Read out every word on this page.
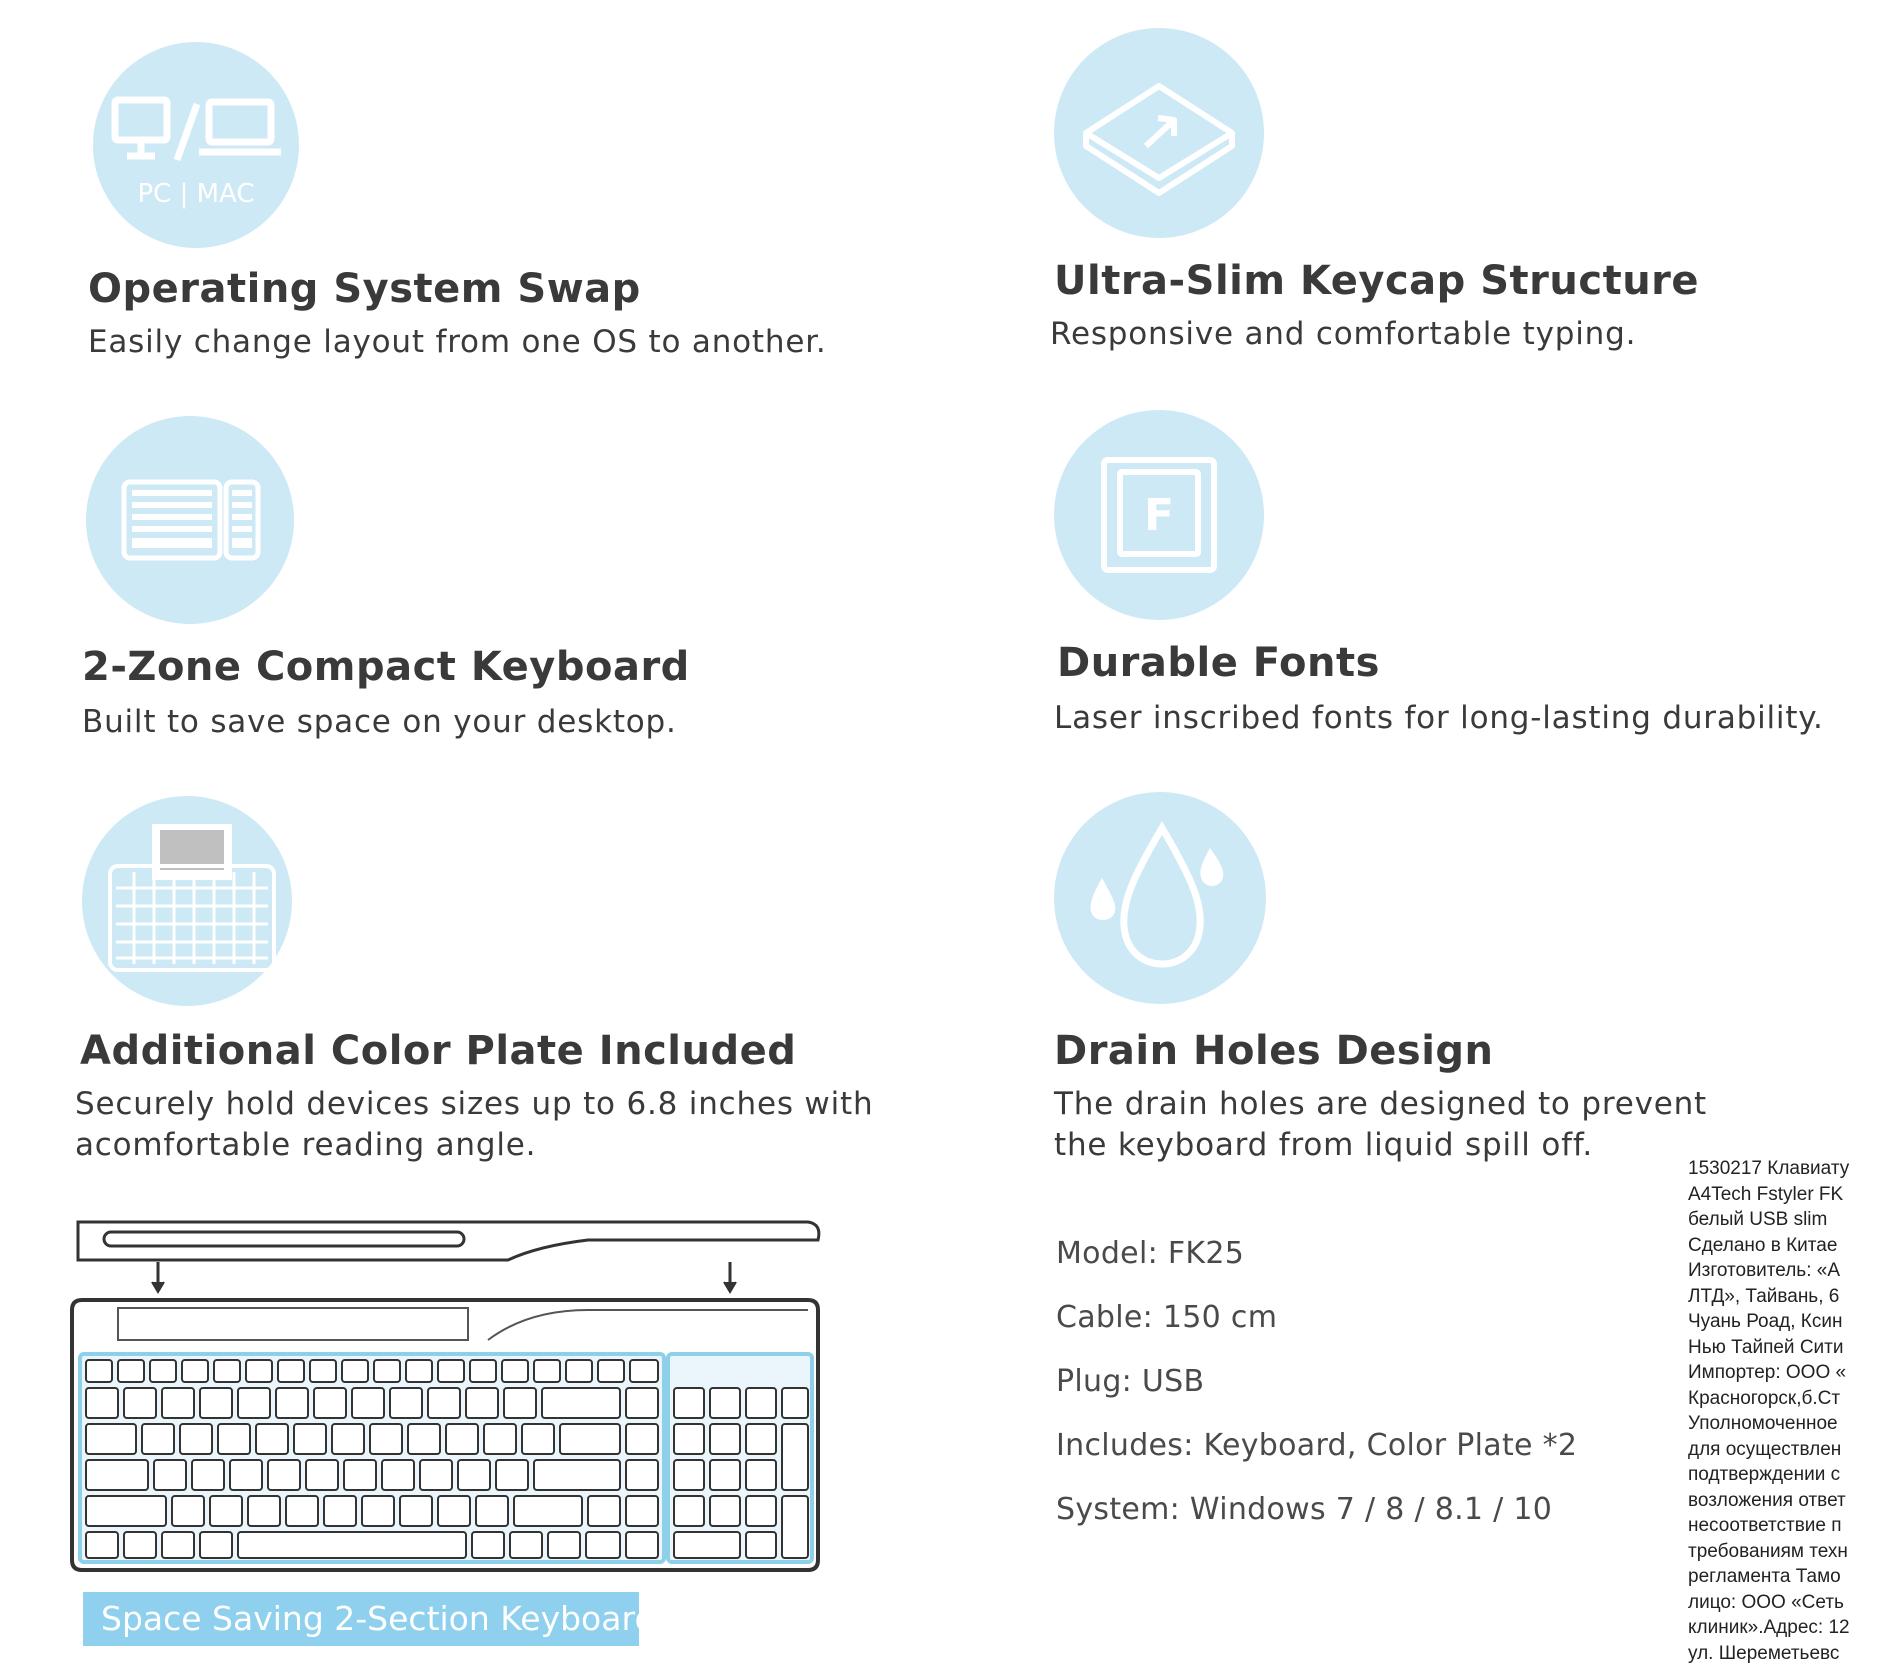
PC | MAC
Operating System Swap

Easily change layout from one OS to another.

Ultra-Slim Keycap Structure

Responsive and comfortable typing.

2-Zone Compact Keyboard

Built to save space on your desktop.

F
Durable Fonts

Laser inscribed fonts for long-lasting durability.

Additional Color Plate Included

Securely hold devices sizes up to 6.8 inches with
acomfortable reading angle.

Drain Holes Design

The drain holes are designed to prevent
the keyboard from liquid spill off.

Model: FK25
Cable: 150 cm
Plug: USB
Includes: Keyboard, Color Plate *2
System: Windows 7 / 8 / 8.1 / 10
Space Saving 2-Section Keyboard
1530217 Клавиату
A4Tech Fstyler FK
белый USB slim
Сделано в Китае
Изготовитель: «А
ЛТД», Тайвань, 6
Чуань Роад, Ксин
Нью Тайпей Сити
Импортер: ООО «
Красногорск,б.Ст
Уполномоченное
для осуществлен
подтверждении с
возложения ответ
несоответствие п
требованиям техн
регламента Тамо
лицо: ООО «Сеть
клиник».Адрес: 12
ул. Шереметьевс
